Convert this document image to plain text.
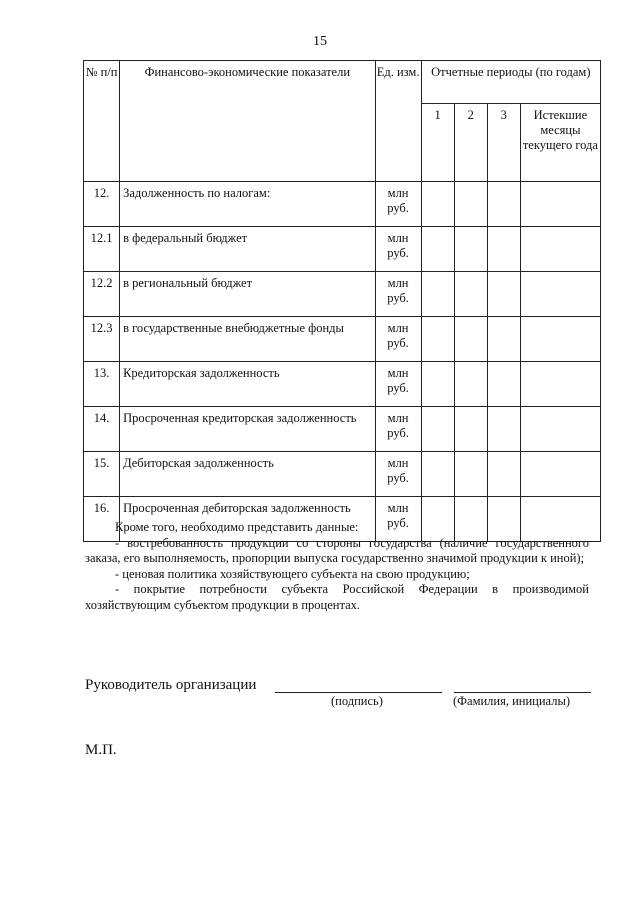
15
№ п/п	Финансово-экономические показатели	Ед. изм.	Отчетные периоды (по годам)			
			1	2	3	Истекшие месяцы текущего года
12.	Задолженность по налогам:	млн
руб.				

12.1	в федеральный бюджет	млн
руб.				

12.2	в региональный бюджет	млн
руб.				

12.3	в государственные внебюджетные фонды	млн
руб.				

13.	Кредиторская задолженность	млн
руб.				

14.	Просроченная кредиторская задолженность	млн
руб.				

15.	Дебиторская задолженность	млн
руб.				

16.	Просроченная дебиторская задолженность	млн
руб.				

Кроме того, необходимо представить данные:

- востребованность продукции со стороны государства (наличие государственного заказа, его выполняемость, пропорции выпуска государственно значимой продукции к иной);

- ценовая политика хозяйствующего субъекта на свою продукцию;

- покрытие потребности субъекта Российской Федерации в производимой хозяйствующим субъектом продукции в процентах.

Руководитель организации
(подпись)	(Фамилия, инициалы)
М.П.
